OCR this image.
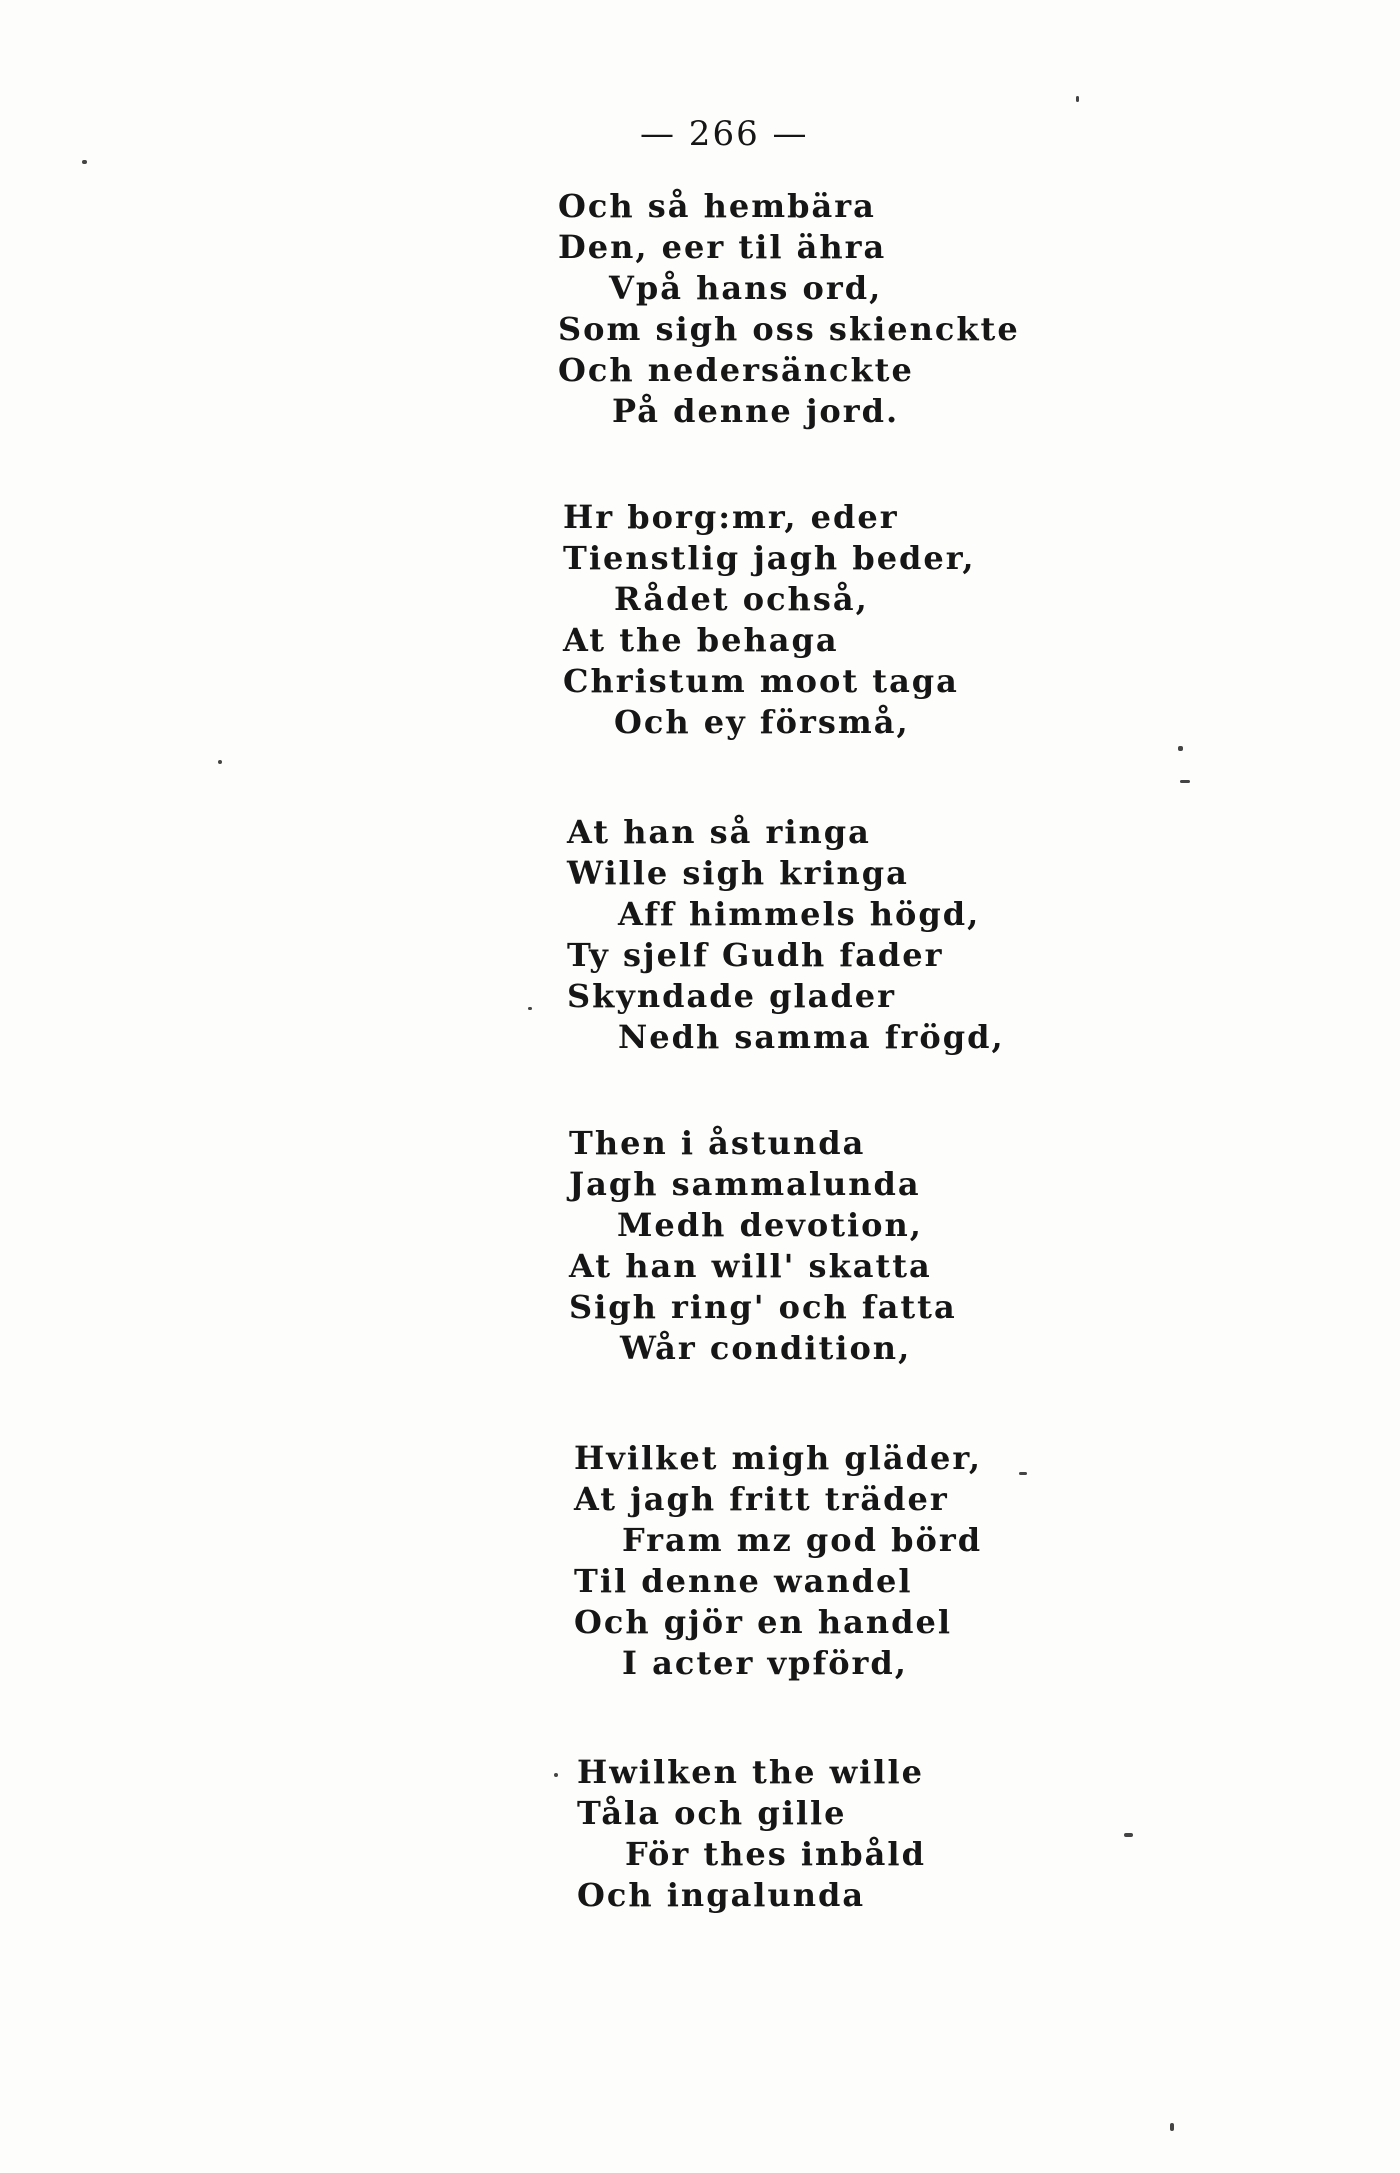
— 266 —
Och så hembära
Den, eer til ähra
Vpå hans ord,
Som sigh oss skienckte
Och nedersänckte
På denne jord.
Hr borg:mr, eder
Tienstlig jagh beder,
Rådet ochså,
At the behaga
Christum moot taga
Och ey försmå,
At han så ringa
Wille sigh kringa
Aff himmels högd,
Ty sjelf Gudh fader
Skyndade glader
Nedh samma frögd,
Then i åstunda
Jagh sammalunda
Medh devotion,
At han will' skatta
Sigh ring' och fatta
Wår condition,
Hvilket migh gläder,
At jagh fritt träder
Fram mz god börd
Til denne wandel
Och gjör en handel
I acter vpförd,
Hwilken the wille
Tåla och gille
För thes inbåld
Och ingalunda
